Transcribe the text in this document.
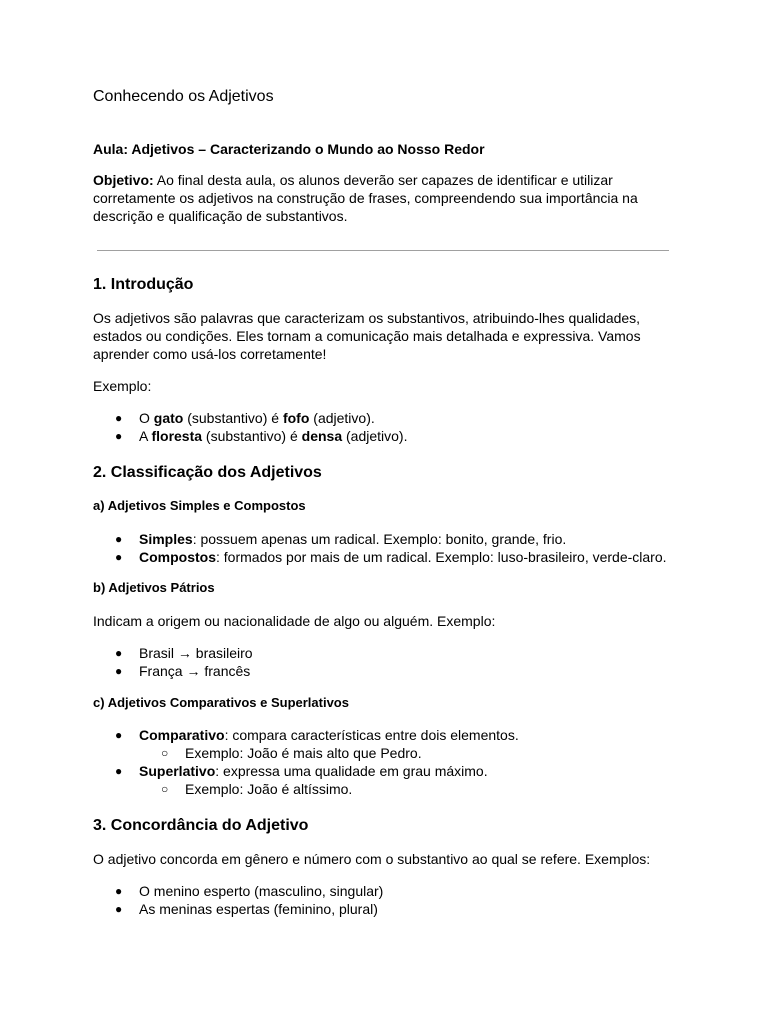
Conhecendo os Adjetivos
Aula: Adjetivos – Caracterizando o Mundo ao Nosso Redor
Objetivo: Ao final desta aula, os alunos deverão ser capazes de identificar e utilizar corretamente os adjetivos na construção de frases, compreendendo sua importância na descrição e qualificação de substantivos.
1. Introdução
Os adjetivos são palavras que caracterizam os substantivos, atribuindo-lhes qualidades, estados ou condições. Eles tornam a comunicação mais detalhada e expressiva. Vamos aprender como usá-los corretamente!
Exemplo:
● O gato (substantivo) é fofo (adjetivo).
● A floresta (substantivo) é densa (adjetivo).
2. Classificação dos Adjetivos
a) Adjetivos Simples e Compostos
● Simples: possuem apenas um radical. Exemplo: bonito, grande, frio.
● Compostos: formados por mais de um radical. Exemplo: luso-brasileiro, verde-claro.
b) Adjetivos Pátrios
Indicam a origem ou nacionalidade de algo ou alguém. Exemplo:
● Brasil → brasileiro
● França → francês
c) Adjetivos Comparativos e Superlativos
● Comparativo: compara características entre dois elementos.
○ Exemplo: João é mais alto que Pedro.
● Superlativo: expressa uma qualidade em grau máximo.
○ Exemplo: João é altíssimo.
3. Concordância do Adjetivo
O adjetivo concorda em gênero e número com o substantivo ao qual se refere. Exemplos:
● O menino esperto (masculino, singular)
● As meninas espertas (feminino, plural)
